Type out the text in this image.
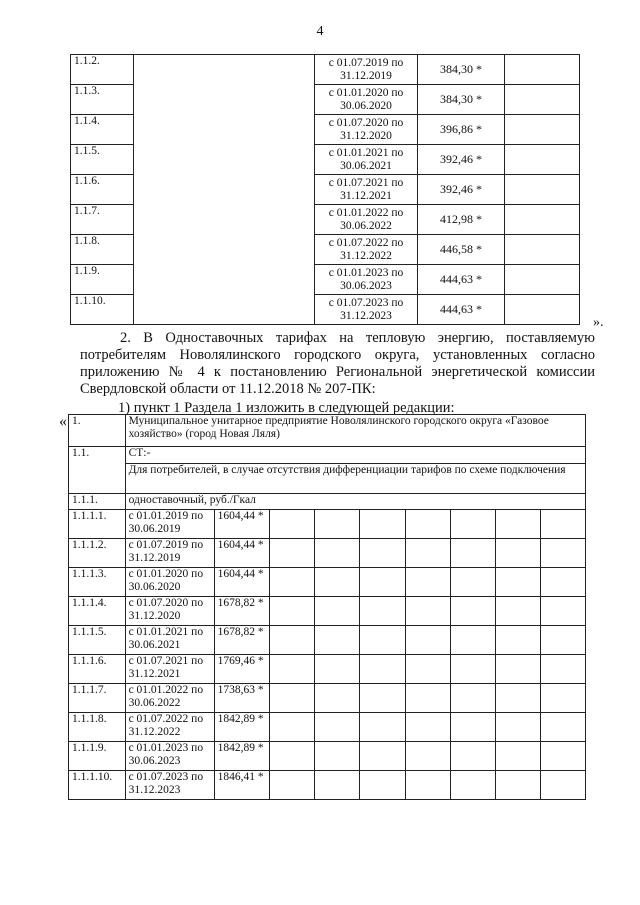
4
1.1.2.		с 01.07.2019 по
31.12.2019	384,30 *	
1.1.3.		с 01.01.2020 по
30.06.2020	384,30 *	
1.1.4.		с 01.07.2020 по
31.12.2020	396,86 *	
1.1.5.		с 01.01.2021 по
30.06.2021	392,46 *	
1.1.6.		с 01.07.2021 по
31.12.2021	392,46 *	
1.1.7.		с 01.01.2022 по
30.06.2022	412,98 *	
1.1.8.		с 01.07.2022 по
31.12.2022	446,58 *	
1.1.9.		с 01.01.2023 по
30.06.2023	444,63 *	
1.1.10.		с 01.07.2023 по
31.12.2023	444,63 *	
».
2. В Одноставочных тарифах на тепловую энергию, поставляемую потребителям Новолялинского городского округа, установленных согласно приложению № 4 к постановлению Региональной энергетической комиссии Свердловской области от 11.12.2018 № 207-ПК:
1) пункт 1 Раздела 1 изложить в следующей редакции:
« 1.	Муниципальное унитарное предприятие Новолялинского городского округа «Газовое хозяйство» (город Новая Ляля)								
1.1.	СТ:-								
	Для потребителей, в случае отсутствия дифференциации тарифов по схеме подключения								
1.1.1.	одноставочный, руб./Гкал								
1.1.1.1.	с 01.01.2019 по
30.06.2019	1604,44 *							
1.1.1.2.	с 01.07.2019 по
31.12.2019	1604,44 *							
1.1.1.3.	с 01.01.2020 по
30.06.2020	1604,44 *							
1.1.1.4.	с 01.07.2020 по
31.12.2020	1678,82 *							
1.1.1.5.	с 01.01.2021 по
30.06.2021	1678,82 *							
1.1.1.6.	с 01.07.2021 по
31.12.2021	1769,46 *							
1.1.1.7.	с 01.01.2022 по
30.06.2022	1738,63 *							
1.1.1.8.	с 01.07.2022 по
31.12.2022	1842,89 *							
1.1.1.9.	с 01.01.2023 по
30.06.2023	1842,89 *							
1.1.1.10.	с 01.07.2023 по
31.12.2023	1846,41 *							
